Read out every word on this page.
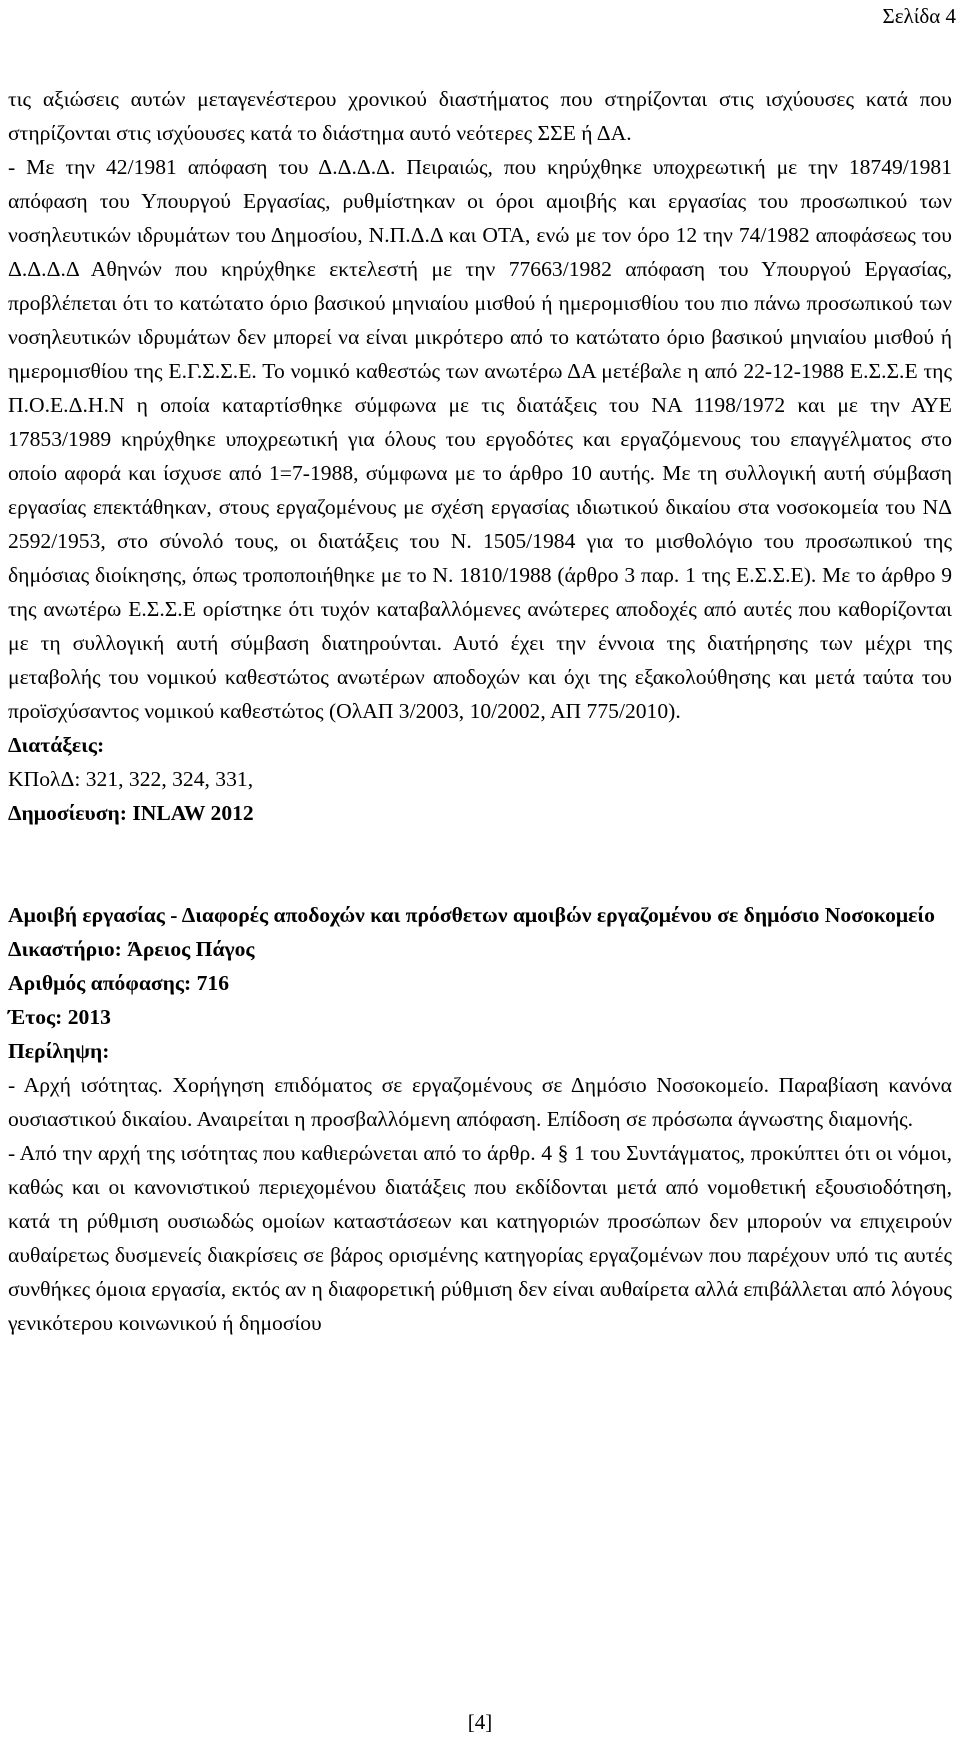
Σελίδα 4

τις αξιώσεις αυτών μεταγενέστερου χρονικού διαστήματος που στηρίζονται στις ισχύουσες κατά που στηρίζονται στις ισχύουσες κατά το διάστημα αυτό νεότερες ΣΣΕ ή ΔΑ.

- Με την 42/1981 απόφαση του Δ.Δ.Δ.Δ. Πειραιώς, που κηρύχθηκε υποχρεωτική με την 18749/1981 απόφαση του Υπουργού Εργασίας, ρυθμίστηκαν οι όροι αμοιβής και εργασίας του προσωπικού των νοσηλευτικών ιδρυμάτων του Δημοσίου, Ν.Π.Δ.Δ και ΟΤΑ, ενώ με τον όρο 12 την 74/1982 αποφάσεως του Δ.Δ.Δ.Δ Αθηνών που κηρύχθηκε εκτελεστή με την 77663/1982 απόφαση του Υπουργού Εργασίας, προβλέπεται ότι το κατώτατο όριο βασικού μηνιαίου μισθού ή ημερομισθίου του πιο πάνω προσωπικού των νοσηλευτικών ιδρυμάτων δεν μπορεί να είναι μικρότερο από το κατώτατο όριο βασικού μηνιαίου μισθού ή ημερομισθίου της Ε.Γ.Σ.Σ.Ε. Το νομικό καθεστώς των ανωτέρω ΔΑ μετέβαλε η από 22-12-1988 Ε.Σ.Σ.Ε της Π.Ο.Ε.Δ.Η.Ν η οποία καταρτίσθηκε σύμφωνα με τις διατάξεις του ΝΑ 1198/1972 και με την ΑΥΕ 17853/1989 κηρύχθηκε υποχρεωτική για όλους του εργοδότες και εργαζόμενους του επαγγέλματος στο οποίο αφορά και ίσχυσε από 1=7-1988, σύμφωνα με το άρθρο 10 αυτής. Με τη συλλογική αυτή σύμβαση εργασίας επεκτάθηκαν, στους εργαζομένους με σχέση εργασίας ιδιωτικού δικαίου στα νοσοκομεία του ΝΔ 2592/1953, στο σύνολό τους, οι διατάξεις του Ν. 1505/1984 για το μισθολόγιο του προσωπικού της δημόσιας διοίκησης, όπως τροποποιήθηκε με το Ν. 1810/1988 (άρθρο 3 παρ. 1 της Ε.Σ.Σ.Ε). Με το άρθρο 9 της ανωτέρω Ε.Σ.Σ.Ε ορίστηκε ότι τυχόν καταβαλλόμενες ανώτερες αποδοχές από αυτές που καθορίζονται με τη συλλογική αυτή σύμβαση διατηρούνται. Αυτό έχει την έννοια της διατήρησης των μέχρι της μεταβολής του νομικού καθεστώτος ανωτέρων αποδοχών και όχι της εξακολούθησης και μετά ταύτα του προϊσχύσαντος νομικού καθεστώτος (ΟλΑΠ 3/2003, 10/2002, ΑΠ 775/2010).

Διατάξεις:
ΚΠολΔ: 321, 322, 324, 331,
Δημοσίευση: INLAW 2012

Αμοιβή εργασίας - Διαφορές αποδοχών και πρόσθετων αμοιβών εργαζομένου σε δημόσιο Νοσοκομείο

Δικαστήριο: Άρειος Πάγος
Αριθμός απόφασης: 716
Έτος: 2013
Περίληψη:

- Αρχή ισότητας. Χορήγηση επιδόματος σε εργαζομένους σε Δημόσιο Νοσοκομείο. Παραβίαση κανόνα ουσιαστικού δικαίου. Αναιρείται η προσβαλλόμενη απόφαση. Επίδοση σε πρόσωπα άγνωστης διαμονής.

- Από την αρχή της ισότητας που καθιερώνεται από το άρθρ. 4 § 1 του Συντάγματος, προκύπτει ότι οι νόμοι, καθώς και οι κανονιστικού περιεχομένου διατάξεις που εκδίδονται μετά από νομοθετική εξουσιοδότηση, κατά τη ρύθμιση ουσιωδώς ομοίων καταστάσεων και κατηγοριών προσώπων δεν μπορούν να επιχειρούν αυθαίρετως δυσμενείς διακρίσεις σε βάρος ορισμένης κατηγορίας εργαζομένων που παρέχουν υπό τις αυτές συνθήκες όμοια εργασία, εκτός αν η διαφορετική ρύθμιση δεν είναι αυθαίρετα αλλά επιβάλλεται από λόγους γενικότερου κοινωνικού ή δημοσίου

[4]
